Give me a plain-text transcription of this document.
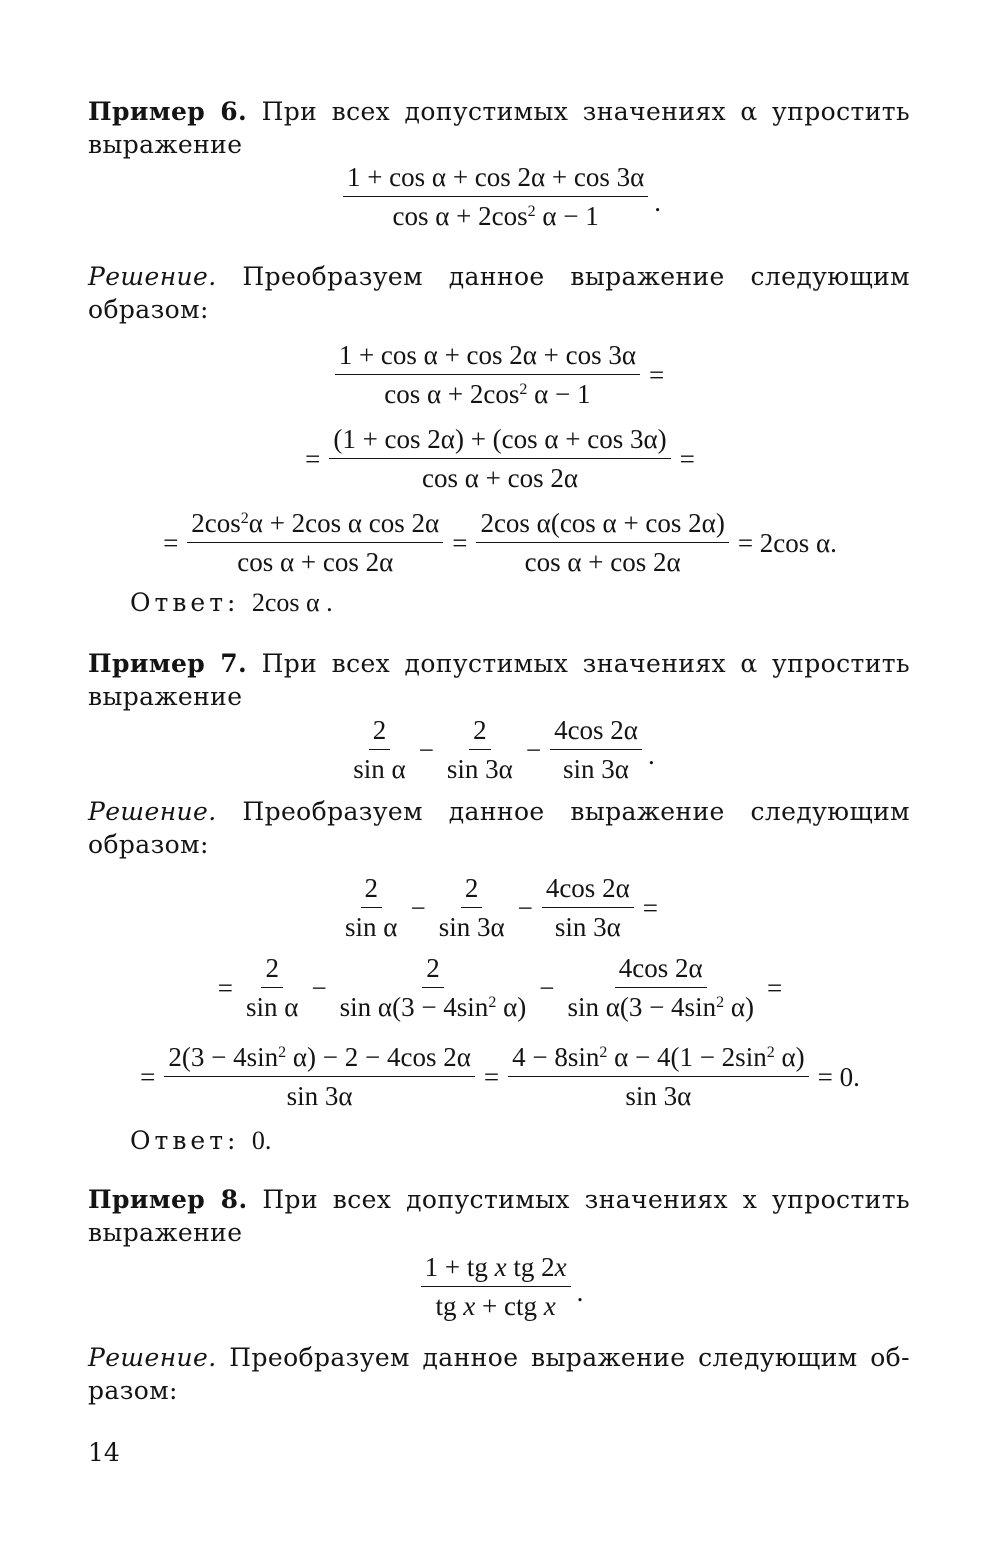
Пример 6. При всех допустимых значениях α упростить
выражение
$\frac{\text{1 + cos α + cos 2α + cos 3α}}{\cos \alpha + 2\cos^2 \alpha - 1}$ .
Решение. Преобразуем данное выражение следующим
образом:
$\frac{\text{1 + cos α + cos 2α + cos 3α}}{\cos \alpha + 2\cos^2 \alpha - 1}$ =
= $\frac{\text{(1 + cos 2α) + (cos α + cos 3α)}}{\text{cos α + cos 2α}}$ =
= $\frac{2\cos^2\alpha + 2\cos \alpha \cos 2\alpha}{\text{cos α + cos 2α}} = \frac{\text{2cos α(cos α + cos 2α)}}{\text{cos α + cos 2α}} = 2\cos$ α.
Ответ: 2cos α .
Пример 7. При всех допустимых значениях α упростить
выражение
$\frac{2}{\text{sin α}} - \frac{2}{\sin 3\alpha} - \frac{4\cos 2\alpha}{\sin 3\alpha}$ .
Решение. Преобразуем данное выражение следующим
образом:
$\frac{2}{\text{sin α}} - \frac{2}{\sin 3\alpha} - \frac{4\cos 2\alpha}{\sin 3\alpha}$ =
= $\frac{2}{\text{sin α}} - \frac{2}{\sin \alpha(3 - 4\sin^2 \alpha)} - \frac{4\cos 2\alpha}{\sin \alpha(3 - 4\sin^2 \alpha)}$ =
= $\frac{2(3 - 4\sin^2 \alpha) - 2 - 4\cos 2\alpha}{\sin 3\alpha} = \frac{4 - 8\sin^2 \alpha - 4(1 - 2\sin^2 \alpha)}{\sin 3\alpha} = 0$.
Ответ: 0.
Пример 8. При всех допустимых значениях x упростить
выражение
$\frac{\text{1 + tg x tg 2x}}{\text{tg x + ctg x}}$ .
Решение. Преобразуем данное выражение следующим об-
разом:
14
